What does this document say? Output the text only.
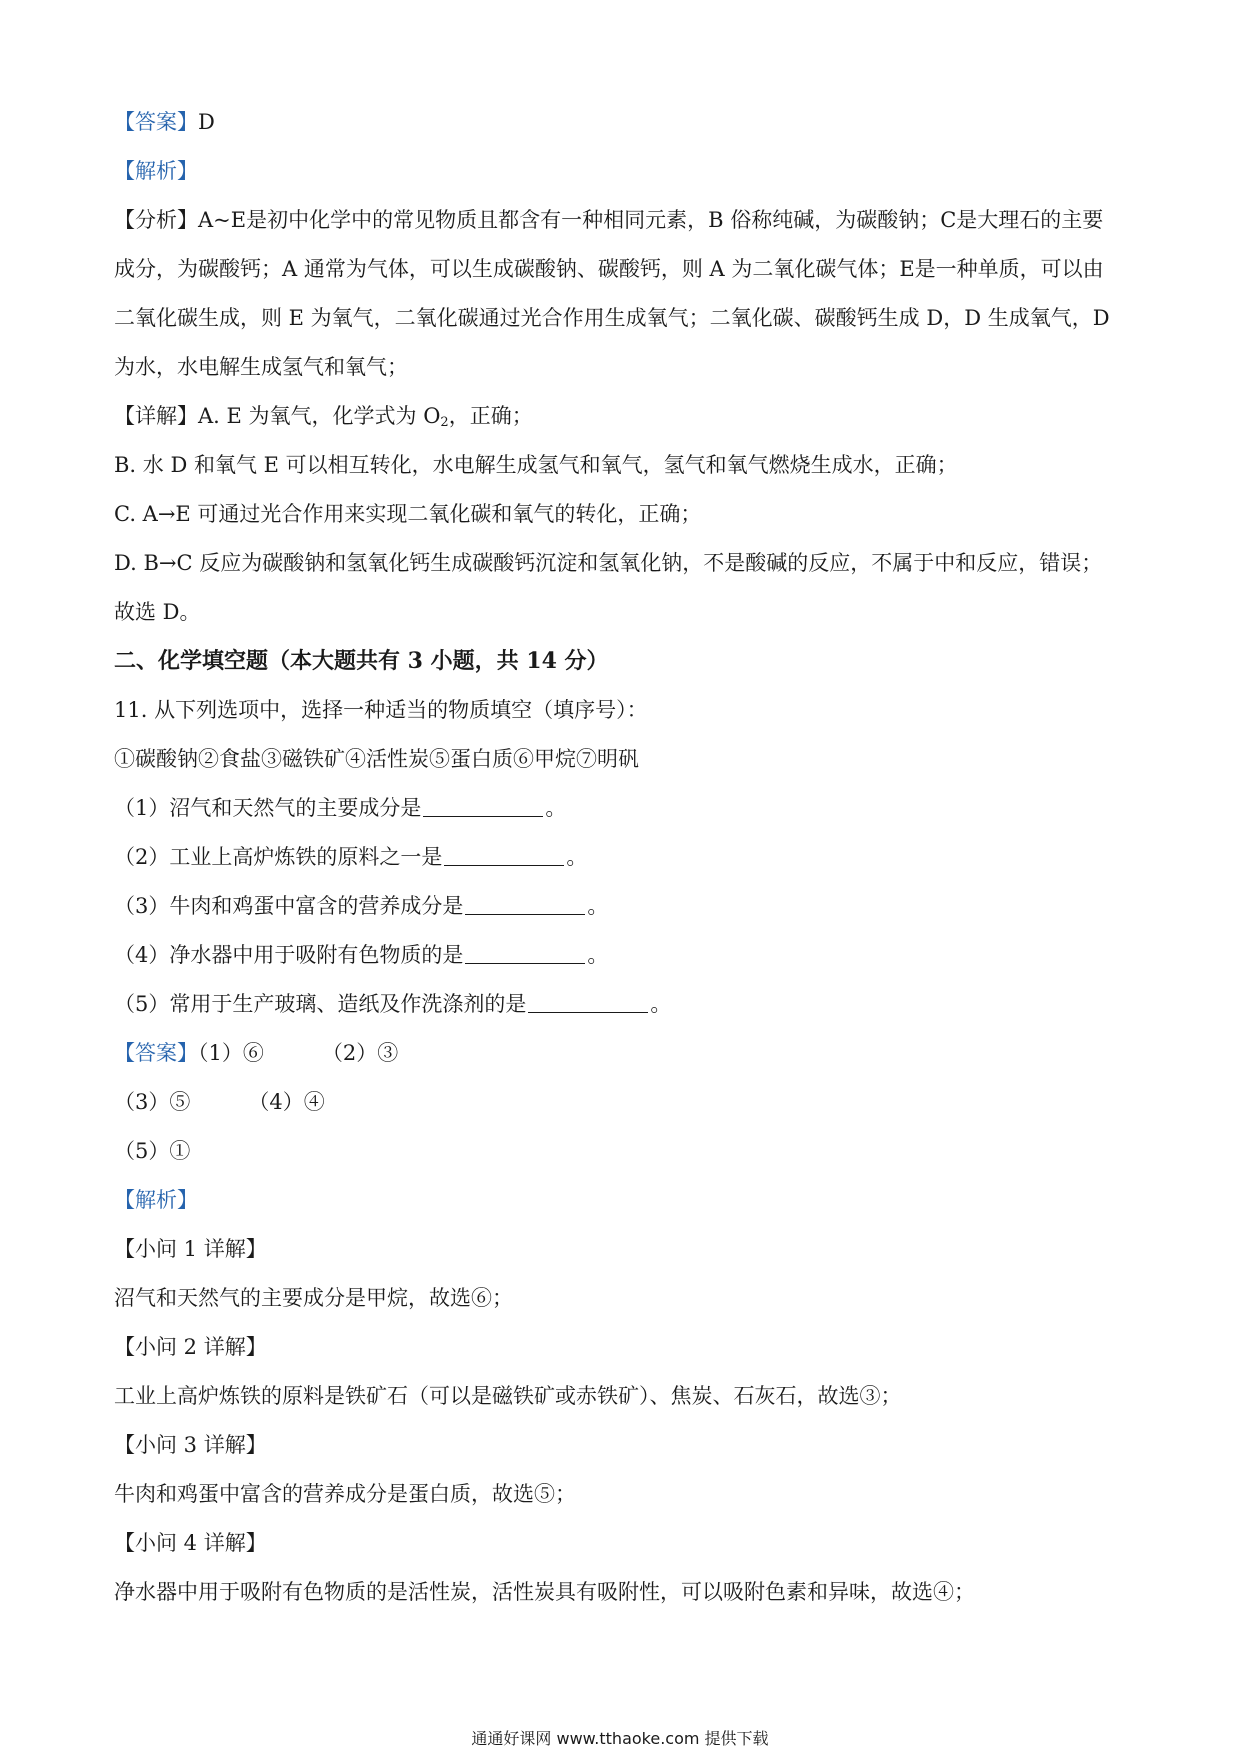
【答案】D
【解析】
【分析】A~E是初中化学中的常见物质且都含有一种相同元素，B 俗称纯碱，为碳酸钠；C是大理石的主要
成分，为碳酸钙；A 通常为气体，可以生成碳酸钠、碳酸钙，则 A 为二氧化碳气体；E是一种单质，可以由
二氧化碳生成，则 E 为氧气，二氧化碳通过光合作用生成氧气；二氧化碳、碳酸钙生成 D，D 生成氧气，D
为水，水电解生成氢气和氧气；
【详解】A. E 为氧气，化学式为 $O_2$，正确；
B. 水 D 和氧气 E 可以相互转化，水电解生成氢气和氧气，氢气和氧气燃烧生成水，正确；
C. A→E 可通过光合作用来实现二氧化碳和氧气的转化，正确；
D. B→C 反应为碳酸钠和氢氧化钙生成碳酸钙沉淀和氢氧化钠，不是酸碱的反应，不属于中和反应，错误；
故选 D。
二、化学填空题（本大题共有 3 小题，共 14 分）
11. 从下列选项中，选择一种适当的物质填空（填序号）：
①碳酸钠②食盐③磁铁矿④活性炭⑤蛋白质⑥甲烷⑦明矾
（1）沼气和天然气的主要成分是	。
（2）工业上高炉炼铁的原料之一是	。
（3）牛肉和鸡蛋中富含的营养成分是	。
（4）净水器中用于吸附有色物质的是	。
（5）常用于生产玻璃、造纸及作洗涤剂的是	。
【答案】（1）⑥	（2）③
（3）⑤	（4）④
（5）①
【解析】
【小问 1 详解】
沼气和天然气的主要成分是甲烷，故选⑥；
【小问 2 详解】
工业上高炉炼铁的原料是铁矿石（可以是磁铁矿或赤铁矿）、焦炭、石灰石，故选③；
【小问 3 详解】
牛肉和鸡蛋中富含的营养成分是蛋白质，故选⑤；
【小问 4 详解】
净水器中用于吸附有色物质的是活性炭，活性炭具有吸附性，可以吸附色素和异味，故选④；
通通好课网 www.tthaoke.com 提供下载
